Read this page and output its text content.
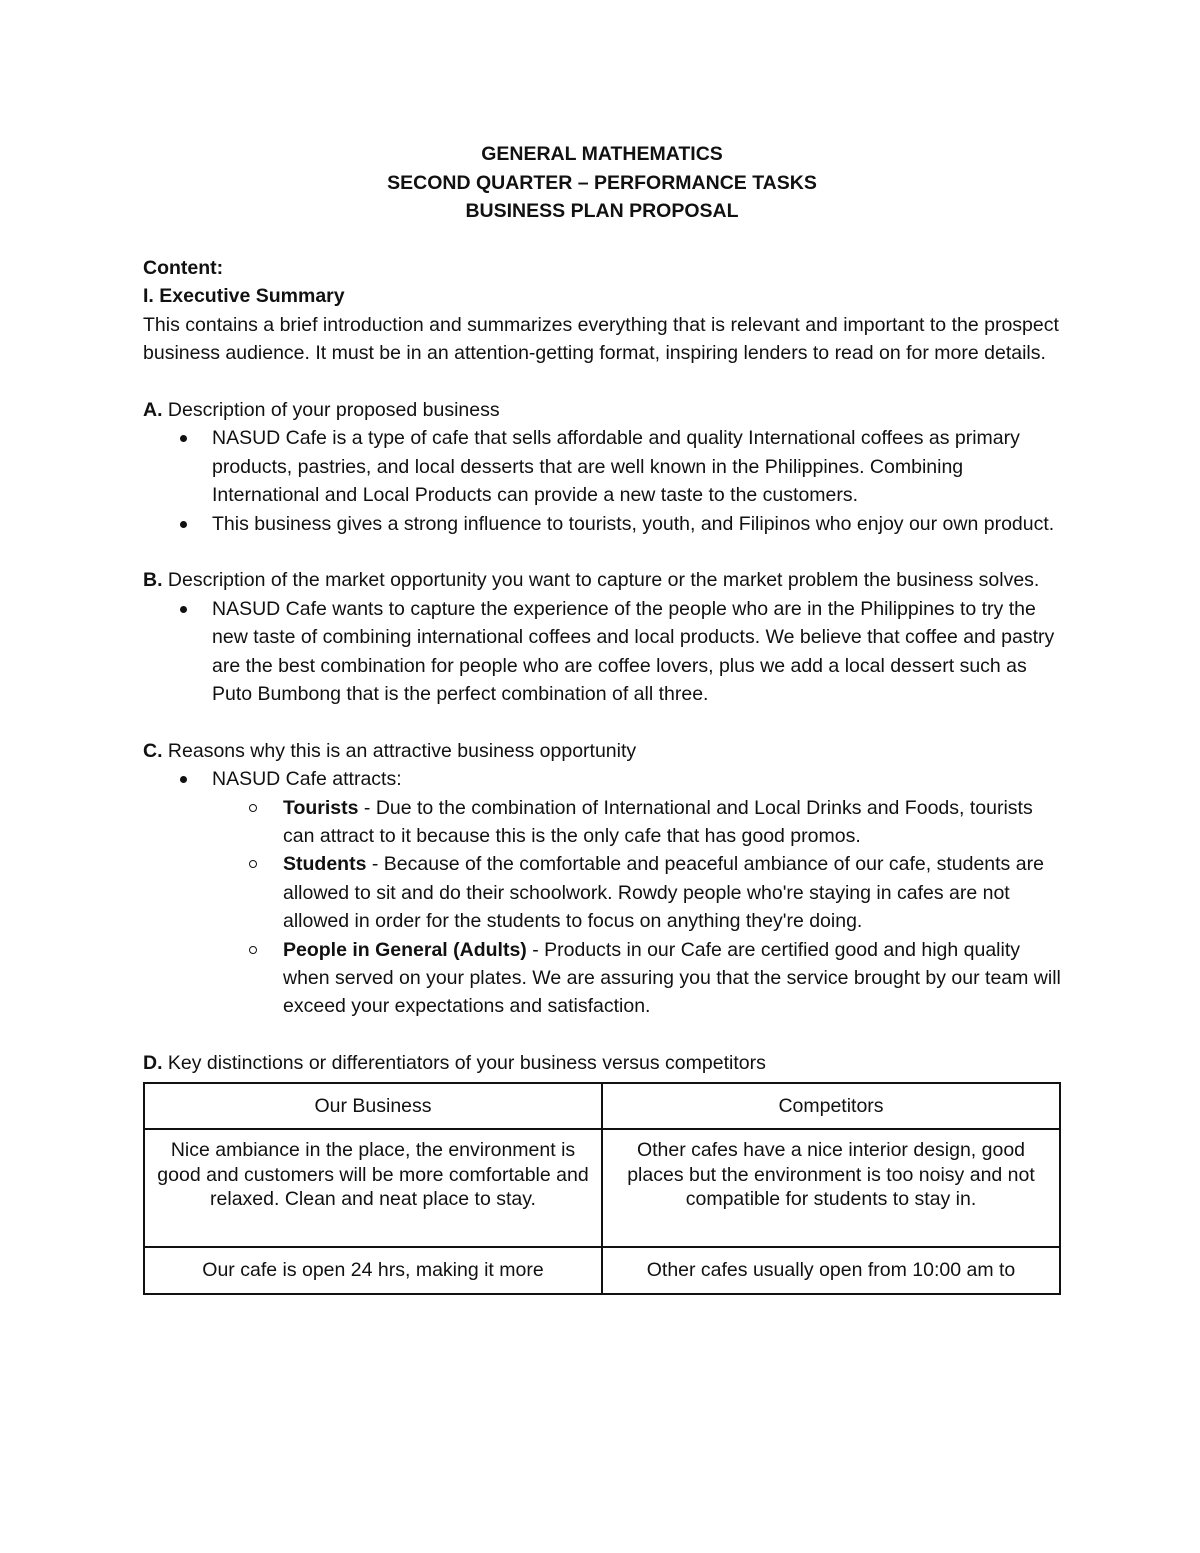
GENERAL MATHEMATICS
SECOND QUARTER – PERFORMANCE TASKS
BUSINESS PLAN PROPOSAL

Content:

I. Executive Summary

This contains a brief introduction and summarizes everything that is relevant and important to the prospect business audience. It must be in an attention-getting format, inspiring lenders to read on for more details.

A. Description of your proposed business

NASUD Cafe is a type of cafe that sells affordable and quality International coffees as primary products, pastries, and local desserts that are well known in the Philippines. Combining International and Local Products can provide a new taste to the customers.
This business gives a strong influence to tourists, youth, and Filipinos who enjoy our own product.

B. Description of the market opportunity you want to capture or the market problem the business solves.

NASUD Cafe wants to capture the experience of the people who are in the Philippines to try the new taste of combining international coffees and local products. We believe that coffee and pastry are the best combination for people who are coffee lovers, plus we add a local dessert such as Puto Bumbong that is the perfect combination of all three.

C. Reasons why this is an attractive business opportunity

NASUD Cafe attracts:
Tourists - Due to the combination of International and Local Drinks and Foods, tourists can attract to it because this is the only cafe that has good promos.
Students - Because of the comfortable and peaceful ambiance of our cafe, students are allowed to sit and do their schoolwork. Rowdy people who're staying in cafes are not allowed in order for the students to focus on anything they're doing.
People in General (Adults) - Products in our Cafe are certified good and high quality when served on your plates. We are assuring you that the service brought by our team will exceed your expectations and satisfaction.

D. Key distinctions or differentiators of your business versus competitors

Our Business	Competitors
Nice ambiance in the place, the environment is good and customers will be more comfortable and relaxed. Clean and neat place to stay.	Other cafes have a nice interior design, good places but the environment is too noisy and not compatible for students to stay in.
Our cafe is open 24 hrs, making it more	Other cafes usually open from 10:00 am to
